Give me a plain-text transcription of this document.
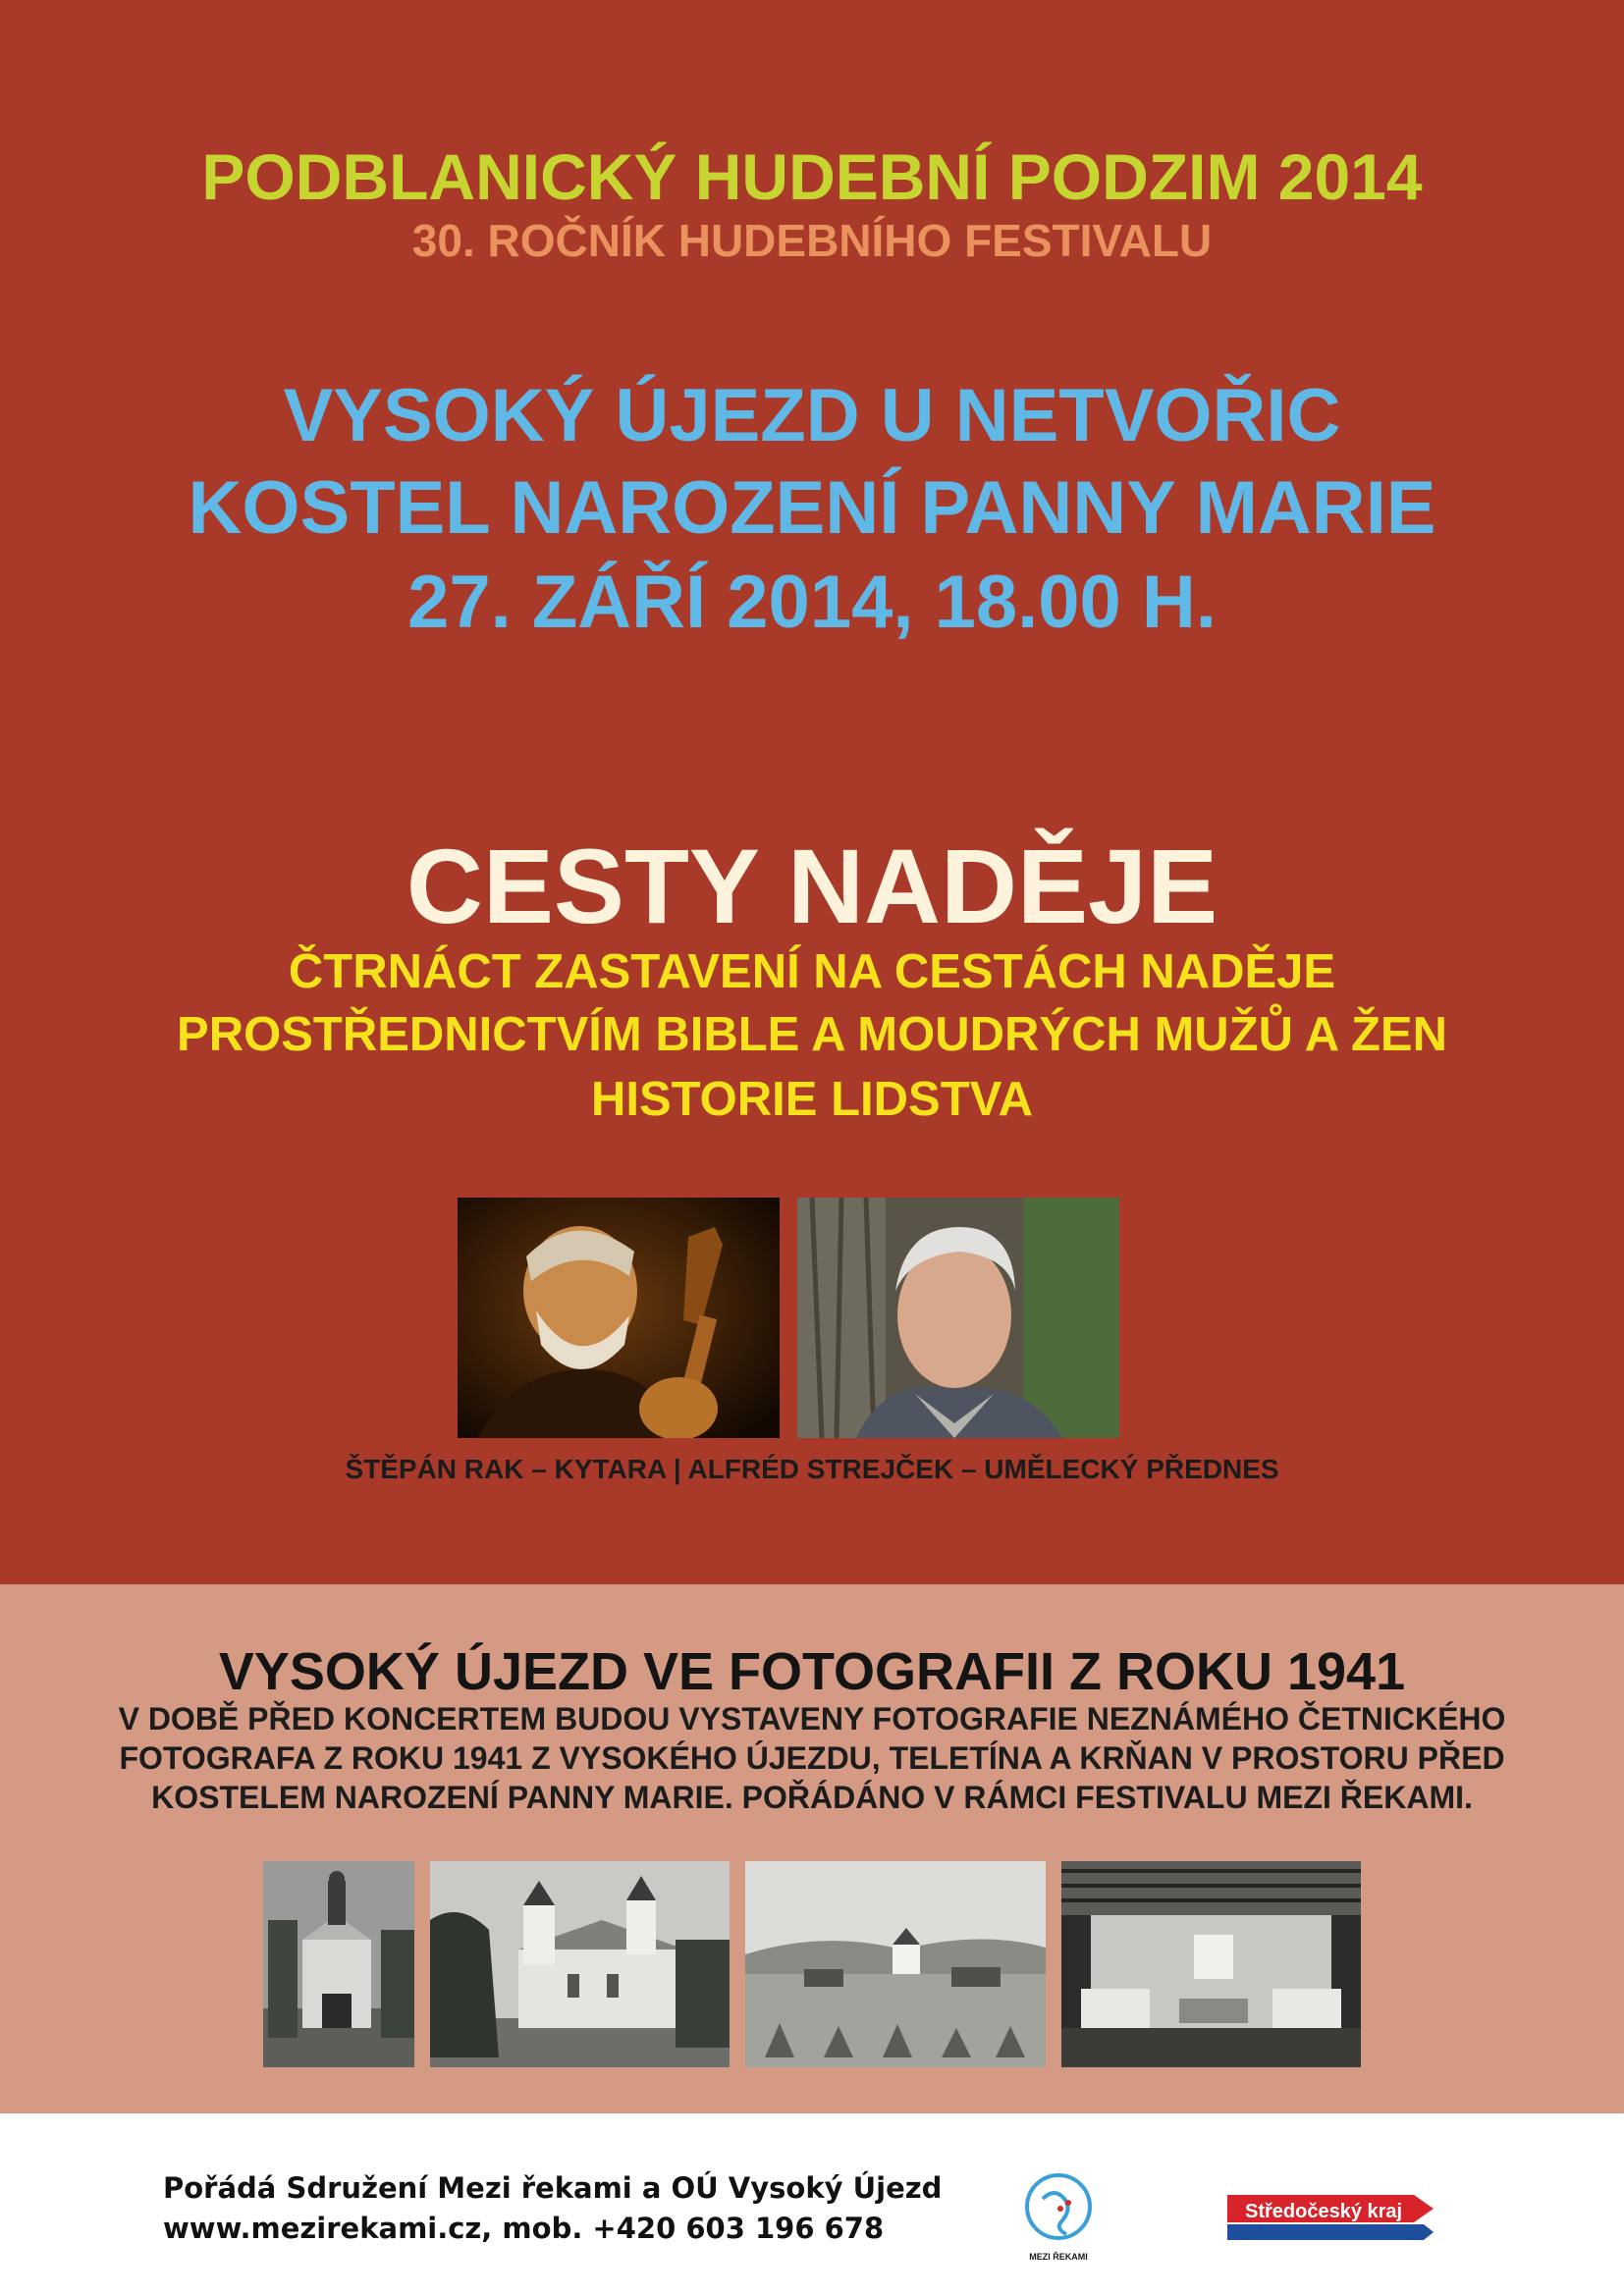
PODBLANICKÝ HUDEBNÍ PODZIM 2014

30. ROČNÍK HUDEBNÍHO FESTIVALU

VYSOKÝ ÚJEZD U NETVOŘIC

KOSTEL NAROZENÍ PANNY MARIE

27. ZÁŘÍ 2014, 18.00 H.

CESTY NADĚJE

ČTRNÁCT ZASTAVENÍ NA CESTÁCH NADĚJE

PROSTŘEDNICTVÍM BIBLE A MOUDRÝCH MUŽŮ A ŽEN

HISTORIE LIDSTVA

ŠTĚPÁN RAK – KYTARA | ALFRÉD STREJČEK – UMĚLECKÝ PŘEDNES

VYSOKÝ ÚJEZD VE FOTOGRAFII Z ROKU 1941

V DOBĚ PŘED KONCERTEM BUDOU VYSTAVENY FOTOGRAFIE NEZNÁMÉHO ČETNICKÉHO

FOTOGRAFA Z ROKU 1941 Z VYSOKÉHO ÚJEZDU, TELETÍNA A KRŇAN V PROSTORU PŘED

KOSTELEM NAROZENÍ PANNY MARIE. POŘÁDÁNO V RÁMCI FESTIVALU MEZI ŘEKAMI.

Pořádá Sdružení Mezi řekami a OÚ Vysoký Újezd
www.mezirekami.cz, mob. +420 603 196 678
MEZI ŘEKAMI
Středočeský kraj
